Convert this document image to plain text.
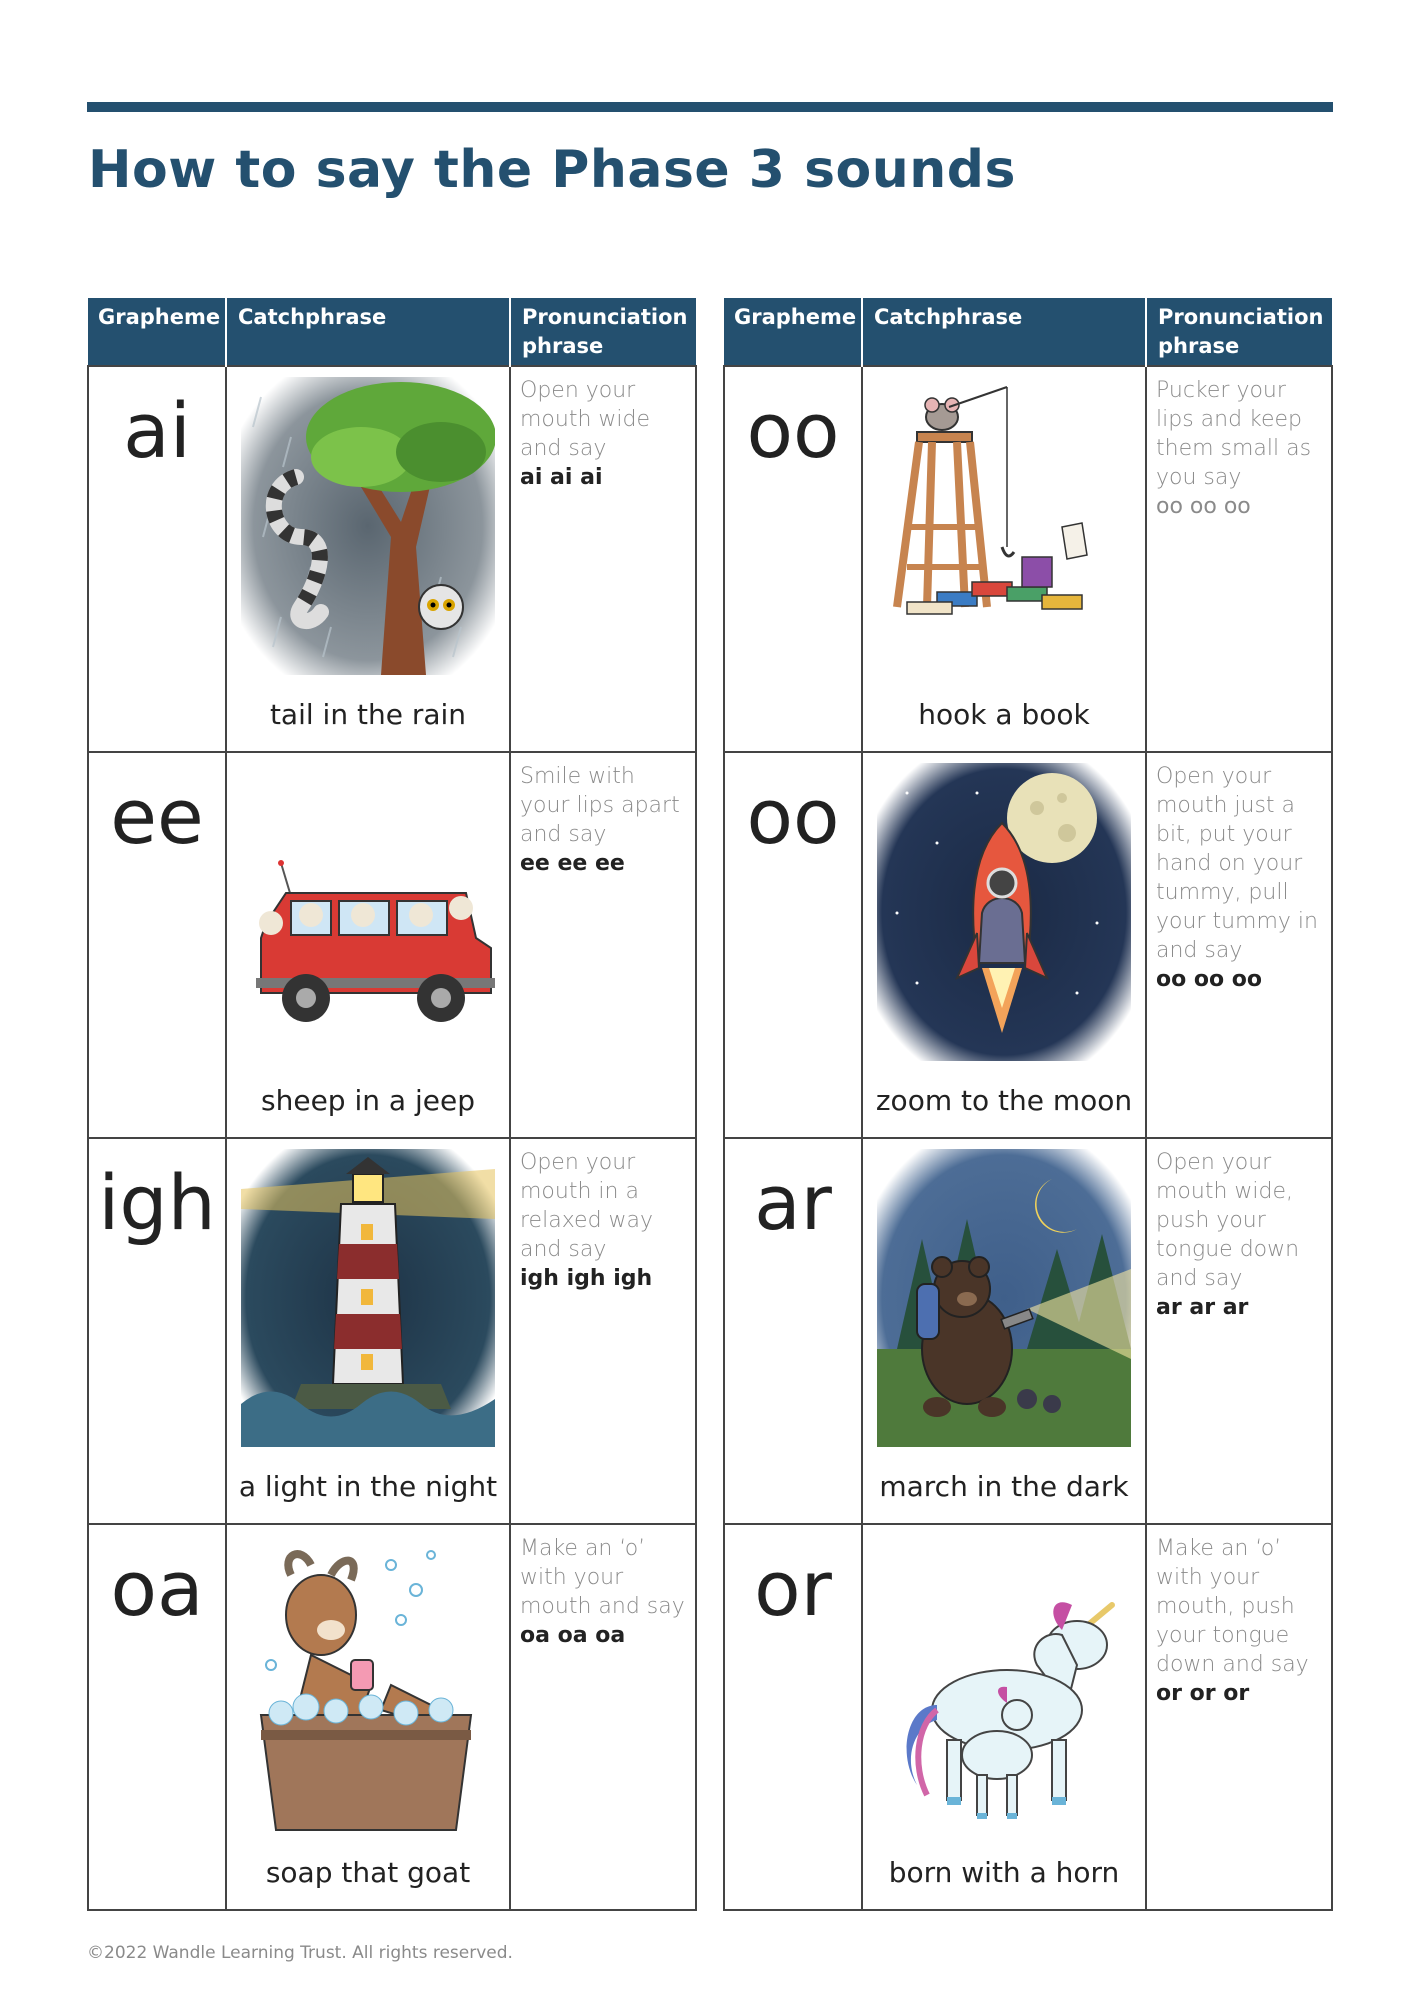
How to say the Phase 3 sounds
Grapheme	Catchphrase	Pronunciation phrase

ai	tail in the rain	Open your mouth wide and say
ai ai ai

ee	sheep in a jeep	Smile with your lips apart and say
ee ee ee

igh	a light in the night	Open your mouth in a relaxed way and say
igh igh igh

oa	soap that goat	Make an ‘o’ with your mouth and say
oa oa oa
Grapheme	Catchphrase	Pronunciation phrase

oo	hook a book	Pucker your lips and keep them small as you say
oo oo oo

oo	zoom to the moon	Open your mouth just a bit, put your hand on your tummy, pull your tummy in and say
oo oo oo

ar	march in the dark	Open your mouth wide, push your tongue down and say
ar ar ar

or	born with a horn	Make an ‘o’ with your mouth, push your tongue down and say
or or or
©2022 Wandle Learning Trust. All rights reserved.
